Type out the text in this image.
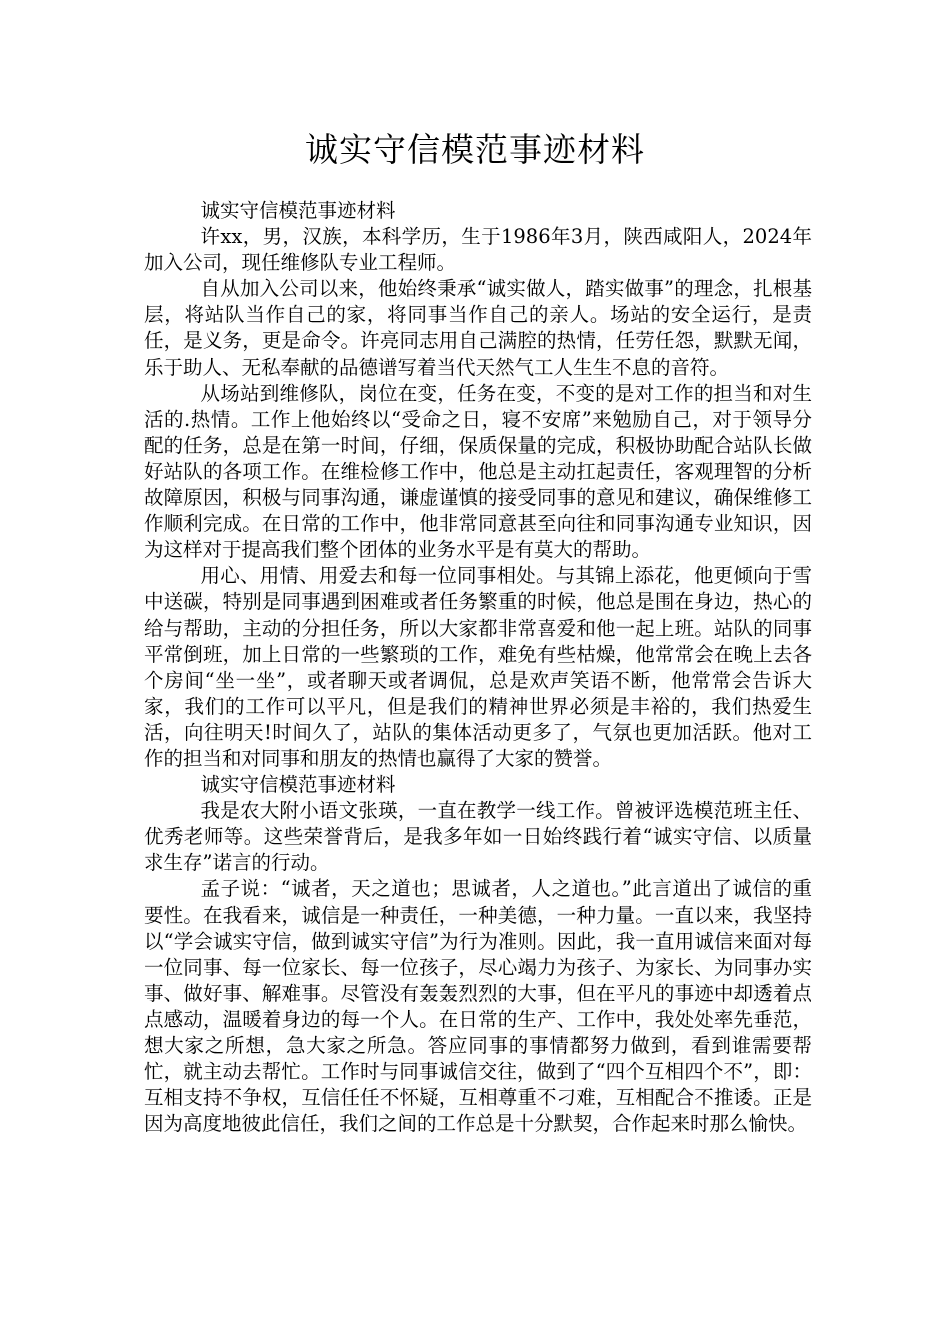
诚实守信模范事迹材料

诚实守信模范事迹材料

许xx，男，汉族，本科学历，生于1986年3月，陕西咸阳人，2024年加入公司，现任维修队专业工程师。

自从加入公司以来，他始终秉承“诚实做人，踏实做事”的理念，扎根基层，将站队当作自己的家，将同事当作自己的亲人。场站的安全运行，是责任，是义务，更是命令。许亮同志用自己满腔的热情，任劳任怨，默默无闻，乐于助人、无私奉献的品德谱写着当代天然气工人生生不息的音符。

从场站到维修队，岗位在变，任务在变，不变的是对工作的担当和对生活的.热情。工作上他始终以“受命之日，寝不安席”来勉励自己，对于领导分配的任务，总是在第一时间，仔细，保质保量的完成，积极协助配合站队长做好站队的各项工作。在维检修工作中，他总是主动扛起责任，客观理智的分析故障原因，积极与同事沟通，谦虚谨慎的接受同事的意见和建议，确保维修工作顺利完成。在日常的工作中，他非常同意甚至向往和同事沟通专业知识，因为这样对于提高我们整个团体的业务水平是有莫大的帮助。

用心、用情、用爱去和每一位同事相处。与其锦上添花，他更倾向于雪中送碳，特别是同事遇到困难或者任务繁重的时候，他总是围在身边，热心的给与帮助，主动的分担任务，所以大家都非常喜爱和他一起上班。站队的同事平常倒班，加上日常的一些繁琐的工作，难免有些枯燥，他常常会在晚上去各个房间“坐一坐”，或者聊天或者调侃，总是欢声笑语不断，他常常会告诉大家，我们的工作可以平凡，但是我们的精神世界必须是丰裕的，我们热爱生活，向往明天!时间久了，站队的集体活动更多了，气氛也更加活跃。他对工作的担当和对同事和朋友的热情也赢得了大家的赞誉。

诚实守信模范事迹材料

我是农大附小语文张瑛，一直在教学一线工作。曾被评选模范班主任、优秀老师等。这些荣誉背后，是我多年如一日始终践行着“诚实守信、以质量求生存”诺言的行动。

孟子说：“诚者，天之道也；思诚者，人之道也。”此言道出了诚信的重要性。在我看来，诚信是一种责任，一种美德，一种力量。一直以来，我坚持以“学会诚实守信，做到诚实守信”为行为准则。因此，我一直用诚信来面对每一位同事、每一位家长、每一位孩子，尽心竭力为孩子、为家长、为同事办实事、做好事、解难事。尽管没有轰轰烈烈的大事，但在平凡的事迹中却透着点点感动，温暖着身边的每一个人。在日常的生产、工作中，我处处率先垂范，想大家之所想，急大家之所急。答应同事的事情都努力做到，看到谁需要帮忙，就主动去帮忙。工作时与同事诚信交往，做到了“四个互相四个不”，即：互相支持不争权，互信任任不怀疑，互相尊重不刁难，互相配合不推诿。正是因为高度地彼此信任，我们之间的工作总是十分默契，合作起来时那么愉快。
